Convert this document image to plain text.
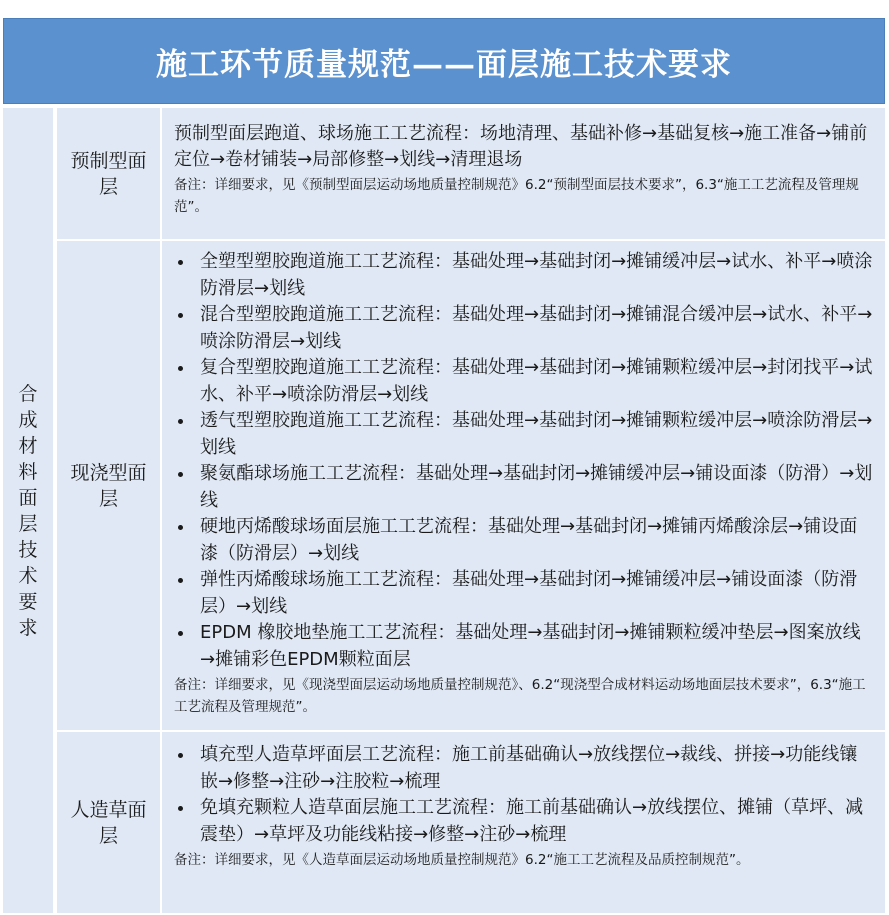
施工环节质量规范——面层施工技术要求
合成材料面层技术要求
预制型面层
预制型面层跑道、球场施工工艺流程：场地清理、基础补修→基础复核→施工准备→铺前定位→卷材铺装→局部修整→划线→清理退场
备注：详细要求，见《预制型面层运动场地质量控制规范》6.2“预制型面层技术要求”，6.3“施工工艺流程及管理规范”。
现浇型面层
全塑型塑胶跑道施工工艺流程：基础处理→基础封闭→摊铺缓冲层→试水、补平→喷涂防滑层→划线
混合型塑胶跑道施工工艺流程：基础处理→基础封闭→摊铺混合缓冲层→试水、补平→喷涂防滑层→划线
复合型塑胶跑道施工工艺流程：基础处理→基础封闭→摊铺颗粒缓冲层→封闭找平→试水、补平→喷涂防滑层→划线
透气型塑胶跑道施工工艺流程：基础处理→基础封闭→摊铺颗粒缓冲层→喷涂防滑层→划线
聚氨酯球场施工工艺流程：基础处理→基础封闭→摊铺缓冲层→铺设面漆（防滑）→划线
硬地丙烯酸球场面层施工工艺流程：基础处理→基础封闭→摊铺丙烯酸涂层→铺设面漆（防滑层）→划线
弹性丙烯酸球场施工工艺流程：基础处理→基础封闭→摊铺缓冲层→铺设面漆（防滑层）→划线
EPDM 橡胶地垫施工工艺流程：基础处理→基础封闭→摊铺颗粒缓冲垫层→图案放线→摊铺彩色EPDM颗粒面层
备注：详细要求，见《现浇型面层运动场地质量控制规范》、6.2“现浇型合成材料运动场地面层技术要求”，6.3“施工工艺流程及管理规范”。
人造草面层
填充型人造草坪面层工艺流程：施工前基础确认→放线摆位→裁线、拼接→功能线镶嵌→修整→注砂→注胶粒→梳理
免填充颗粒人造草面层施工工艺流程：施工前基础确认→放线摆位、摊铺（草坪、减震垫）→草坪及功能线粘接→修整→注砂→梳理
备注：详细要求，见《人造草面层运动场地质量控制规范》6.2“施工工艺流程及品质控制规范”。
